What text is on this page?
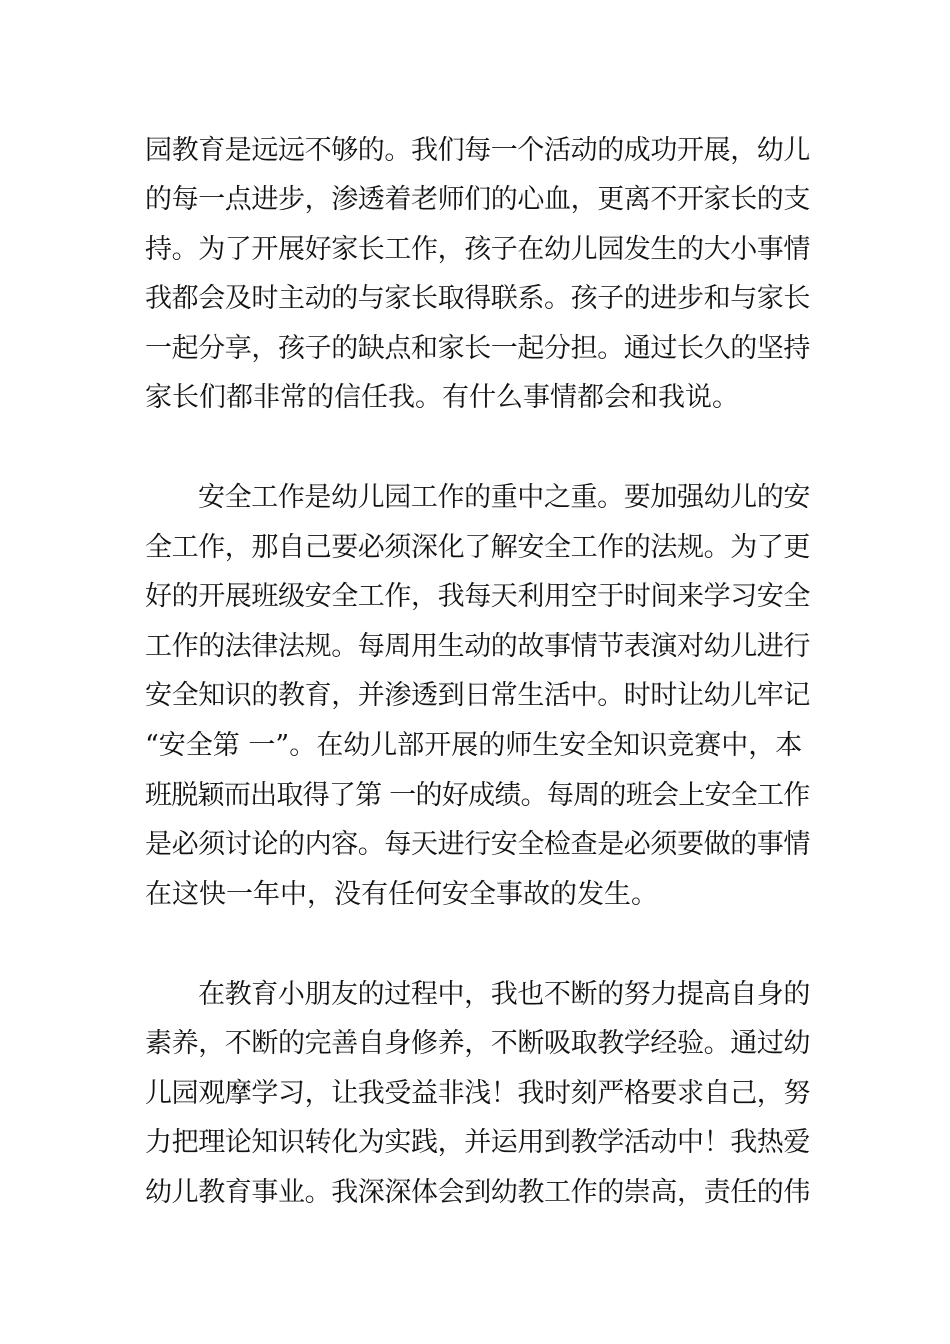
园教育是远远不够的。我们每一个活动的成功开展，幼儿
的每一点进步，渗透着老师们的心血，更离不开家长的支
持。为了开展好家长工作，孩子在幼儿园发生的大小事情
我都会及时主动的与家长取得联系。孩子的进步和与家长
一起分享，孩子的缺点和家长一起分担。通过长久的坚持
家长们都非常的信任我。有什么事情都会和我说。
安全工作是幼儿园工作的重中之重。要加强幼儿的安
全工作，那自己要必须深化了解安全工作的法规。为了更
好的开展班级安全工作，我每天利用空于时间来学习安全
工作的法律法规。每周用生动的故事情节表演对幼儿进行
安全知识的教育，并渗透到日常生活中。时时让幼儿牢记
“安全第 一”。在幼儿部开展的师生安全知识竞赛中，本
班脱颖而出取得了第 一的好成绩。每周的班会上安全工作
是必须讨论的内容。每天进行安全检查是必须要做的事情
在这快一年中，没有任何安全事故的发生。
在教育小朋友的过程中，我也不断的努力提高自身的
素养，不断的完善自身修养，不断吸取教学经验。通过幼
儿园观摩学习，让我受益非浅！我时刻严格要求自己，努
力把理论知识转化为实践，并运用到教学活动中！我热爱
幼儿教育事业。我深深体会到幼教工作的崇高，责任的伟
